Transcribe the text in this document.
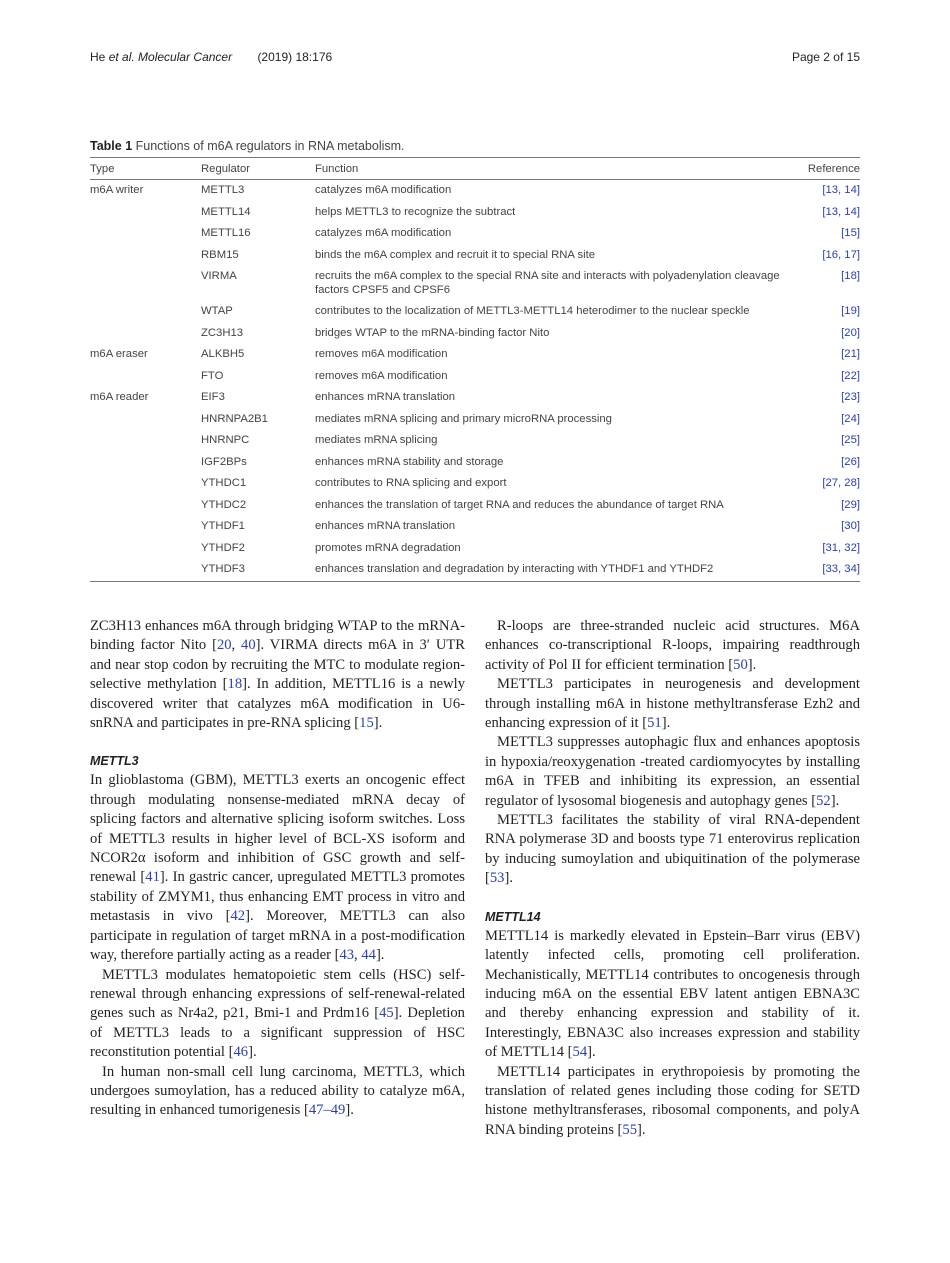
He et al. Molecular Cancer (2019) 18:176	Page 2 of 15
Table 1 Functions of m6A regulators in RNA metabolism.
Type	Regulator	Function	Reference
m6A writer	METTL3	catalyzes m6A modification	[13, 14]
	METTL14	helps METTL3 to recognize the subtract	[13, 14]
	METTL16	catalyzes m6A modification	[15]
	RBM15	binds the m6A complex and recruit it to special RNA site	[16, 17]
	VIRMA	recruits the m6A complex to the special RNA site and interacts with polyadenylation cleavage factors CPSF5 and CPSF6	[18]
	WTAP	contributes to the localization of METTL3-METTL14 heterodimer to the nuclear speckle	[19]
	ZC3H13	bridges WTAP to the mRNA-binding factor Nito	[20]
m6A eraser	ALKBH5	removes m6A modification	[21]
	FTO	removes m6A modification	[22]
m6A reader	EIF3	enhances mRNA translation	[23]
	HNRNPA2B1	mediates mRNA splicing and primary microRNA processing	[24]
	HNRNPC	mediates mRNA splicing	[25]
	IGF2BPs	enhances mRNA stability and storage	[26]
	YTHDC1	contributes to RNA splicing and export	[27, 28]
	YTHDC2	enhances the translation of target RNA and reduces the abundance of target RNA	[29]
	YTHDF1	enhances mRNA translation	[30]
	YTHDF2	promotes mRNA degradation	[31, 32]
	YTHDF3	enhances translation and degradation by interacting with YTHDF1 and YTHDF2	[33, 34]

ZC3H13 enhances m6A through bridging WTAP to the mRNA-binding factor Nito [20, 40]. VIRMA directs m6A in 3′ UTR and near stop codon by recruiting the MTC to modulate region-selective methylation [18]. In addition, METTL16 is a newly discovered writer that catalyzes m6A modification in U6-snRNA and participates in pre-RNA splicing [15].

METTL3

In glioblastoma (GBM), METTL3 exerts an oncogenic effect through modulating nonsense-mediated mRNA decay of splicing factors and alternative splicing isoform switches. Loss of METTL3 results in higher level of BCL-XS isoform and NCOR2α isoform and inhibition of GSC growth and self-renewal [41]. In gastric cancer, upregulated METTL3 promotes stability of ZMYM1, thus enhancing EMT process in vitro and metastasis in vivo [42]. Moreover, METTL3 can also participate in regulation of target mRNA in a post-modification way, therefore partially acting as a reader [43, 44].

METTL3 modulates hematopoietic stem cells (HSC) self-renewal through enhancing expressions of self-renewal-related genes such as Nr4a2, p21, Bmi-1 and Prdm16 [45]. Depletion of METTL3 leads to a significant suppression of HSC reconstitution potential [46].

In human non-small cell lung carcinoma, METTL3, which undergoes sumoylation, has a reduced ability to catalyze m6A, resulting in enhanced tumorigenesis [47–49].

R-loops are three-stranded nucleic acid structures. M6A enhances co-transcriptional R-loops, impairing readthrough activity of Pol II for efficient termination [50].

METTL3 participates in neurogenesis and development through installing m6A in histone methyltransferase Ezh2 and enhancing expression of it [51].

METTL3 suppresses autophagic flux and enhances apoptosis in hypoxia/reoxygenation -treated cardiomyocytes by installing m6A in TFEB and inhibiting its expression, an essential regulator of lysosomal biogenesis and autophagy genes [52].

METTL3 facilitates the stability of viral RNA-dependent RNA polymerase 3D and boosts type 71 enterovirus replication by inducing sumoylation and ubiquitination of the polymerase [53].

METTL14

METTL14 is markedly elevated in Epstein–Barr virus (EBV) latently infected cells, promoting cell proliferation. Mechanistically, METTL14 contributes to oncogenesis through inducing m6A on the essential EBV latent antigen EBNA3C and thereby enhancing expression and stability of it. Interestingly, EBNA3C also increases expression and stability of METTL14 [54].

METTL14 participates in erythropoiesis by promoting the translation of related genes including those coding for SETD histone methyltransferases, ribosomal components, and polyA RNA binding proteins [55].
